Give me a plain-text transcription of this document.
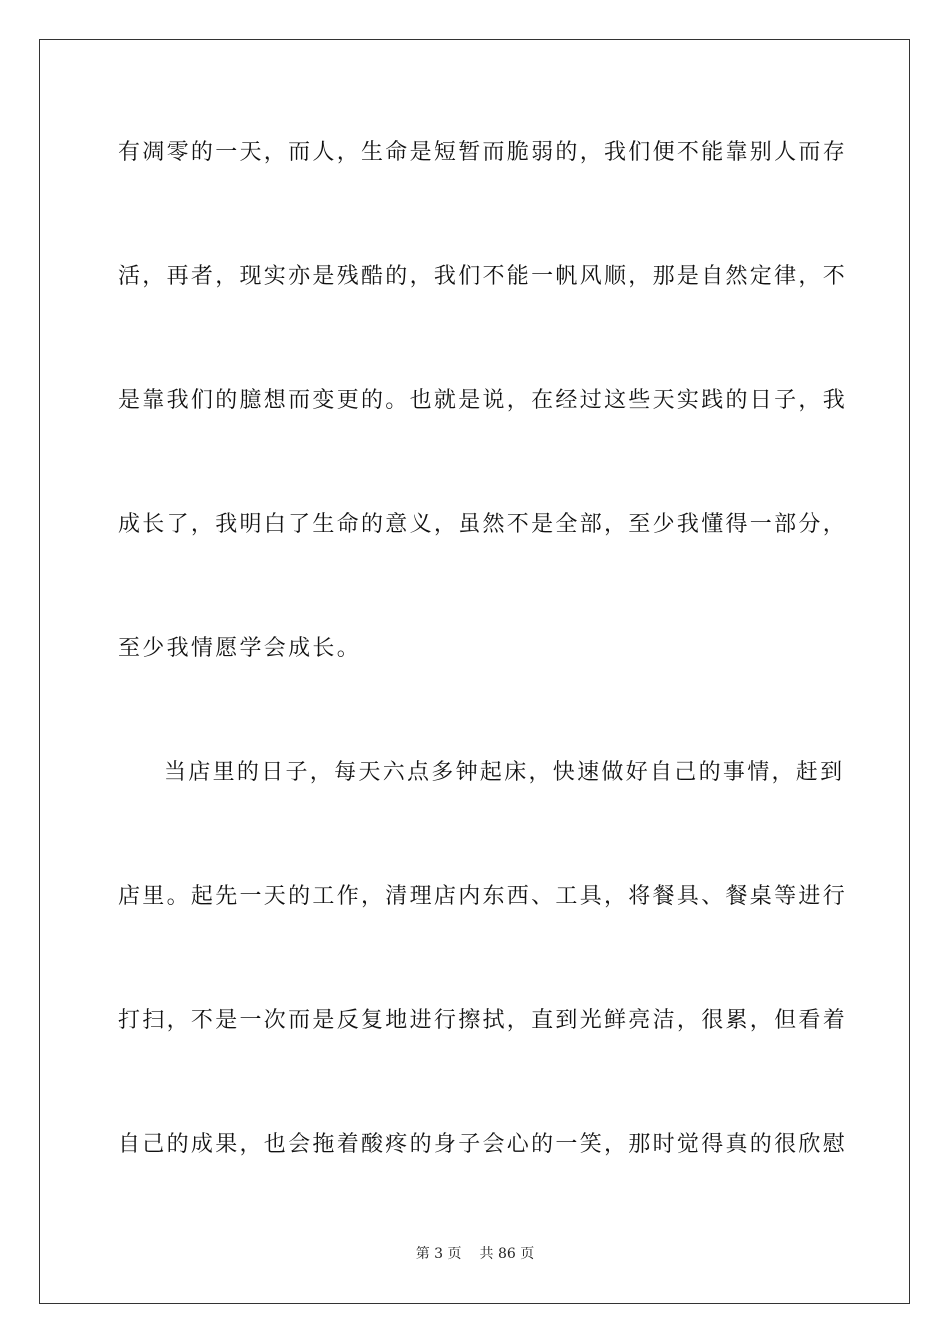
有凋零的一天，而人，生命是短暂而脆弱的，我们便不能靠别人而存
活，再者，现实亦是残酷的，我们不能一帆风顺，那是自然定律，不
是靠我们的臆想而变更的。也就是说，在经过这些天实践的日子，我
成长了，我明白了生命的意义，虽然不是全部，至少我懂得一部分，
至少我情愿学会成长。
当店里的日子，每天六点多钟起床，快速做好自己的事情，赶到
店里。起先一天的工作，清理店内东西、工具，将餐具、餐桌等进行
打扫，不是一次而是反复地进行擦拭，直到光鲜亮洁，很累，但看着
自己的成果，也会拖着酸疼的身子会心的一笑，那时觉得真的很欣慰
第 3 页 共 86 页
